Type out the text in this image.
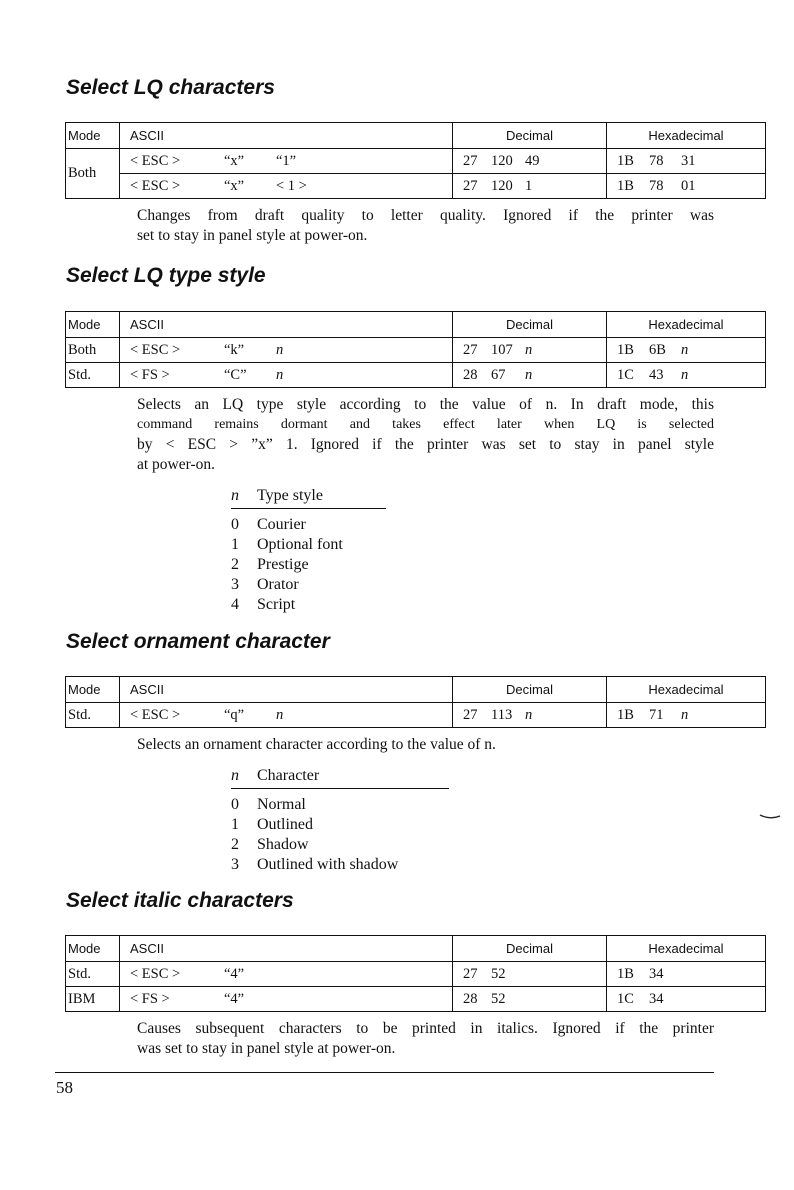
Select LQ characters
Mode	ASCII	Decimal	Hexadecimal
Both	< ESC > “x” “1”	27 120 49	1B 78 31
	< ESC > “x” < 1 >	27 120 1	1B 78 01

Changes from draft quality to letter quality. Ignored if the printer was
set to stay in panel style at power-on.

Select LQ type style
Mode	ASCII	Decimal	Hexadecimal
Both	< ESC > “k” n	27 107 n	1B 6B n
Std.	< FS > “C” n	28 67 n	1C 43 n

Selects an LQ type style according to the value of n. In draft mode, this
command remains dormant and takes effect later when LQ is selected
by < ESC > ”x” 1. Ignored if the printer was set to stay in panel style
at power-on.

n Type style
0 Courier
1 Optional font
2 Prestige
3 Orator
4 Script
Select ornament character
Mode	ASCII	Decimal	Hexadecimal
Std.	< ESC > “q” n	27 113 n	1B 71 n

Selects an ornament character according to the value of n.

n Character
0 Normal
1 Outlined
2 Shadow
3 Outlined with shadow
Select italic characters
Mode	ASCII	Decimal	Hexadecimal
Std.	< ESC > “4”	27 52	1B 34
IBM	< FS > “4”	28 52	1C 34

Causes subsequent characters to be printed in italics. Ignored if the printer
was set to stay in panel style at power-on.

58
